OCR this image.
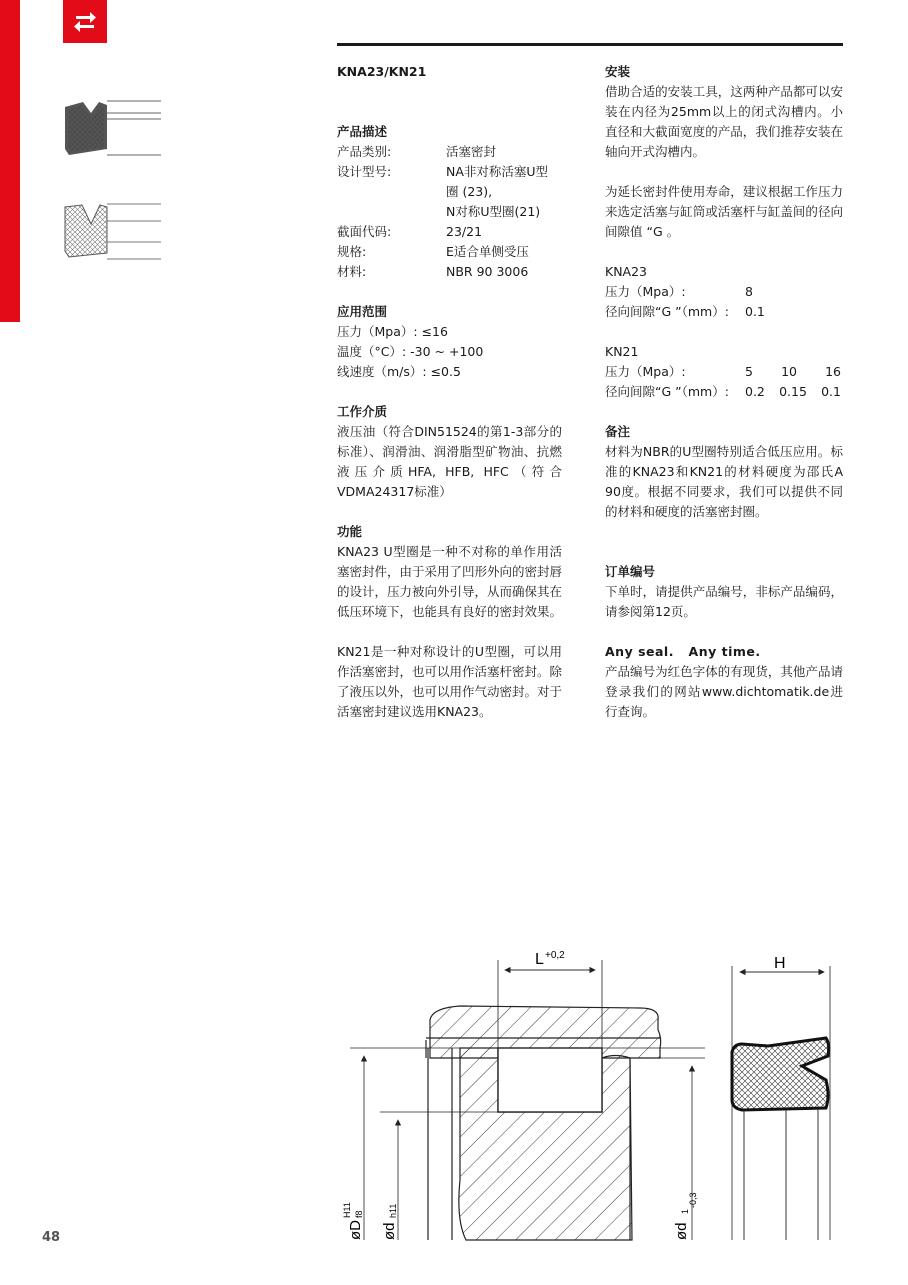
KNA23/KN21

产品描述

产品类别:	活塞密封
设计型号:	NA非对称活塞U型
圈 (23),
N对称U型圈(21)
截面代码:	23/21
规格:	E适合单侧受压
材料:	NBR 90 3006

应用范围

压力（Mpa）: ≤16

温度（°C）: -30 ~ +100

线速度（m/s）: ≤0.5

工作介质

液压油（符合DIN51524的第1-3部分的标准）、润滑油、润滑脂型矿物油、抗燃液压介质HFA, HFB, HFC（符合VDMA24317标准）

功能

KNA23 U型圈是一种不对称的单作用活塞密封件，由于采用了凹形外向的密封唇的设计，压力被向外引导，从而确保其在低压环境下，也能具有良好的密封效果。

KN21是一种对称设计的U型圈，可以用作活塞密封，也可以用作活塞杆密封。除了液压以外，也可以用作气动密封。对于活塞密封建议选用KNA23。

安装

借助合适的安装工具，这两种产品都可以安装在内径为25mm以上的闭式沟槽内。小直径和大截面宽度的产品，我们推荐安装在轴向开式沟槽内。

为延长密封件使用寿命，建议根据工作压力来选定活塞与缸筒或活塞杆与缸盖间的径向间隙值 “G 。

KNA23

压力（Mpa）:	8
径向间隙“G ”（mm）:	0.1

KN21

压力（Mpa）:	5 10 16
径向间隙“G ”（mm）:	0.2 0.15 0.1

备注

材料为NBR的U型圈特别适合低压应用。标准的KNA23和KN21的材料硬度为邵氏A 90度。根据不同要求，我们可以提供不同的材料和硬度的活塞密封圈。

订单编号

下单时，请提供产品编号，非标产品编码，请参阅第12页。

Any seal.   Any time.

产品编号为红色字体的有现货，其他产品请登录我们的网站www.dichtomatik.de进行查询。

L +0,2
øD
H11 f8
ød
h11
ød
1
-0,3
H
48
